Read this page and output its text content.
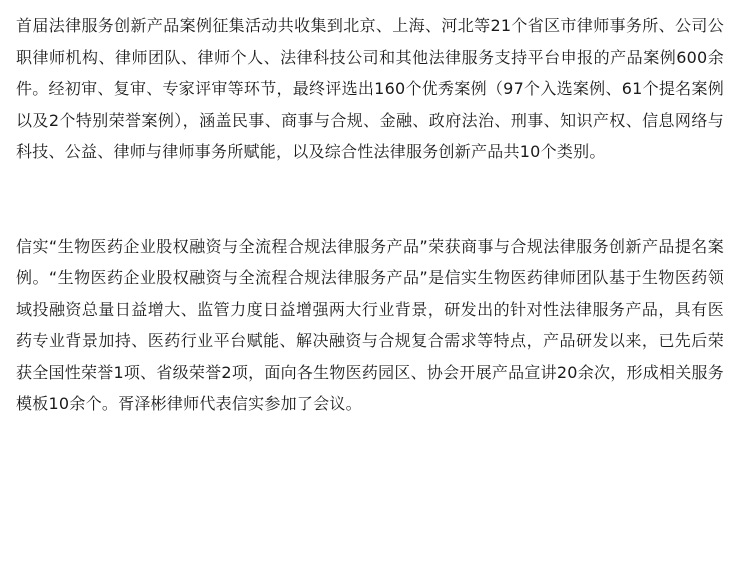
首届法律服务创新产品案例征集活动共收集到北京、上海、河北等21个省区市律师事务所、公司公职律师机构、律师团队、律师个人、法律科技公司和其他法律服务支持平台申报的产品案例600余件。经初审、复审、专家评审等环节，最终评选出160个优秀案例（97个入选案例、61个提名案例以及2个特别荣誉案例），涵盖民事、商事与合规、金融、政府法治、刑事、知识产权、信息网络与科技、公益、律师与律师事务所赋能，以及综合性法律服务创新产品共10个类别。

信实“生物医药企业股权融资与全流程合规法律服务产品”荣获商事与合规法律服务创新产品提名案例。“生物医药企业股权融资与全流程合规法律服务产品”是信实生物医药律师团队基于生物医药领域投融资总量日益增大、监管力度日益增强两大行业背景，研发出的针对性法律服务产品，具有医药专业背景加持、医药行业平台赋能、解决融资与合规复合需求等特点，产品研发以来，已先后荣获全国性荣誉1项、省级荣誉2项，面向各生物医药园区、协会开展产品宣讲20余次，形成相关服务模板10余个。胥泽彬律师代表信实参加了会议。
